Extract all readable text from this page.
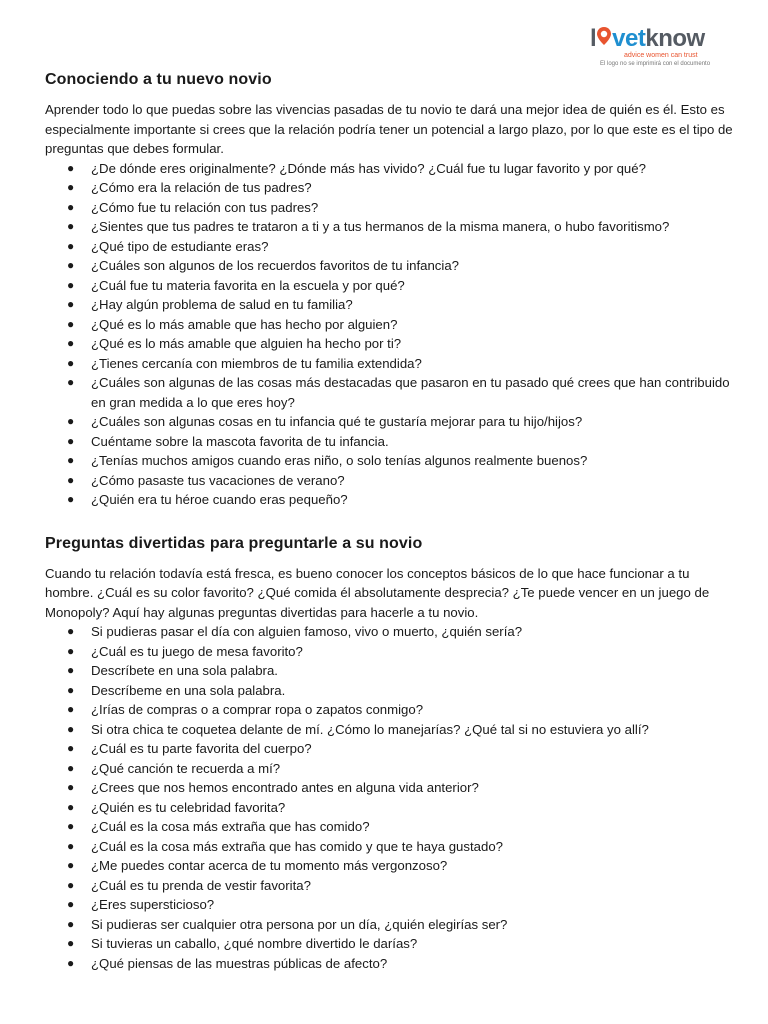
l vetknow
advice women can trust
El logo no se imprimirá con el documento
Conociendo a tu nuevo novio

Aprender todo lo que puedas sobre las vivencias pasadas de tu novio te dará una mejor idea de quién es él. Esto es especialmente importante si crees que la relación podría tener un potencial a largo plazo, por lo que este es el tipo de preguntas que debes formular.

● ¿De dónde eres originalmente? ¿Dónde más has vivido? ¿Cuál fue tu lugar favorito y por qué?
● ¿Cómo era la relación de tus padres?
● ¿Cómo fue tu relación con tus padres?
● ¿Sientes que tus padres te trataron a ti y a tus hermanos de la misma manera, o hubo favoritismo?
● ¿Qué tipo de estudiante eras?
● ¿Cuáles son algunos de los recuerdos favoritos de tu infancia?
● ¿Cuál fue tu materia favorita en la escuela y por qué?
● ¿Hay algún problema de salud en tu familia?
● ¿Qué es lo más amable que has hecho por alguien?
● ¿Qué es lo más amable que alguien ha hecho por ti?
● ¿Tienes cercanía con miembros de tu familia extendida?
● ¿Cuáles son algunas de las cosas más destacadas que pasaron en tu pasado qué crees que han contribuido en gran medida a lo que eres hoy?
● ¿Cuáles son algunas cosas en tu infancia qué te gustaría mejorar para tu hijo/hijos?
● Cuéntame sobre la mascota favorita de tu infancia.
● ¿Tenías muchos amigos cuando eras niño, o solo tenías algunos realmente buenos?
● ¿Cómo pasaste tus vacaciones de verano?
● ¿Quién era tu héroe cuando eras pequeño?
Preguntas divertidas para preguntarle a su novio

Cuando tu relación todavía está fresca, es bueno conocer los conceptos básicos de lo que hace funcionar a tu hombre. ¿Cuál es su color favorito? ¿Qué comida él absolutamente desprecia? ¿Te puede vencer en un juego de Monopoly? Aquí hay algunas preguntas divertidas para hacerle a tu novio.

● Si pudieras pasar el día con alguien famoso, vivo o muerto, ¿quién sería?
● ¿Cuál es tu juego de mesa favorito?
● Descríbete en una sola palabra.
● Descríbeme en una sola palabra.
● ¿Irías de compras o a comprar ropa o zapatos conmigo?
● Si otra chica te coquetea delante de mí. ¿Cómo lo manejarías? ¿Qué tal si no estuviera yo allí?
● ¿Cuál es tu parte favorita del cuerpo?
● ¿Qué canción te recuerda a mí?
● ¿Crees que nos hemos encontrado antes en alguna vida anterior?
● ¿Quién es tu celebridad favorita?
● ¿Cuál es la cosa más extraña que has comido?
● ¿Cuál es la cosa más extraña que has comido y que te haya gustado?
● ¿Me puedes contar acerca de tu momento más vergonzoso?
● ¿Cuál es tu prenda de vestir favorita?
● ¿Eres supersticioso?
● Si pudieras ser cualquier otra persona por un día, ¿quién elegirías ser?
● Si tuvieras un caballo, ¿qué nombre divertido le darías?
● ¿Qué piensas de las muestras públicas de afecto?
